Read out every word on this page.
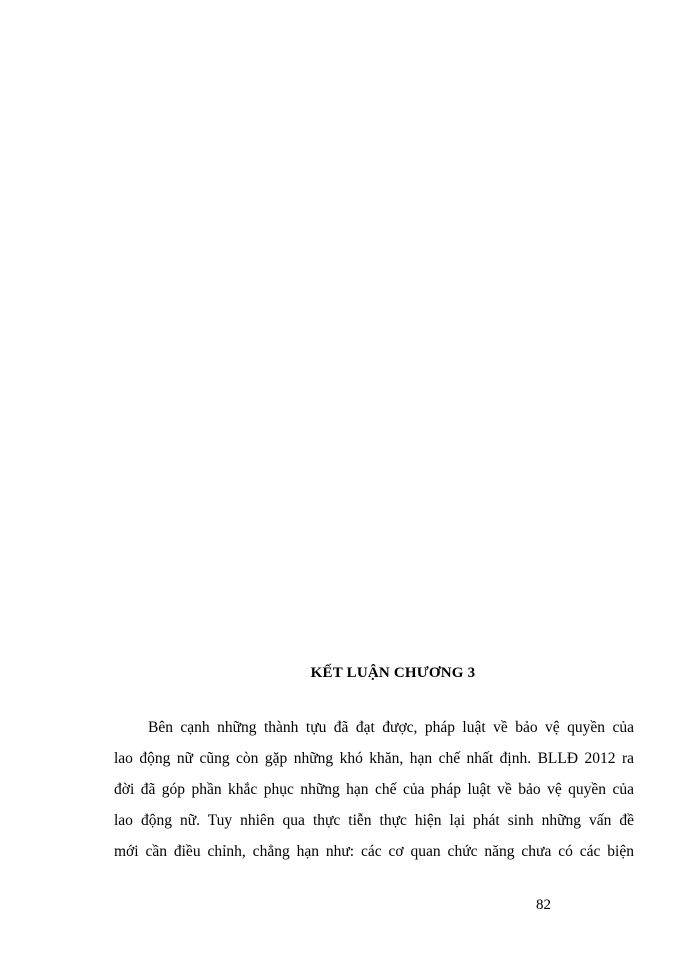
KẾT LUẬN CHƯƠNG 3
Bên cạnh những thành tựu đã đạt được, pháp luật về bảo vệ quyền của
lao động nữ cũng còn gặp những khó khăn, hạn chế nhất định. BLLĐ 2012 ra
đời đã góp phần khắc phục những hạn chế của pháp luật về bảo vệ quyền của
lao động nữ. Tuy nhiên qua thực tiễn thực hiện lại phát sinh những vấn đề
mới cần điều chỉnh, chẳng hạn như: các cơ quan chức năng chưa có các biện
82
